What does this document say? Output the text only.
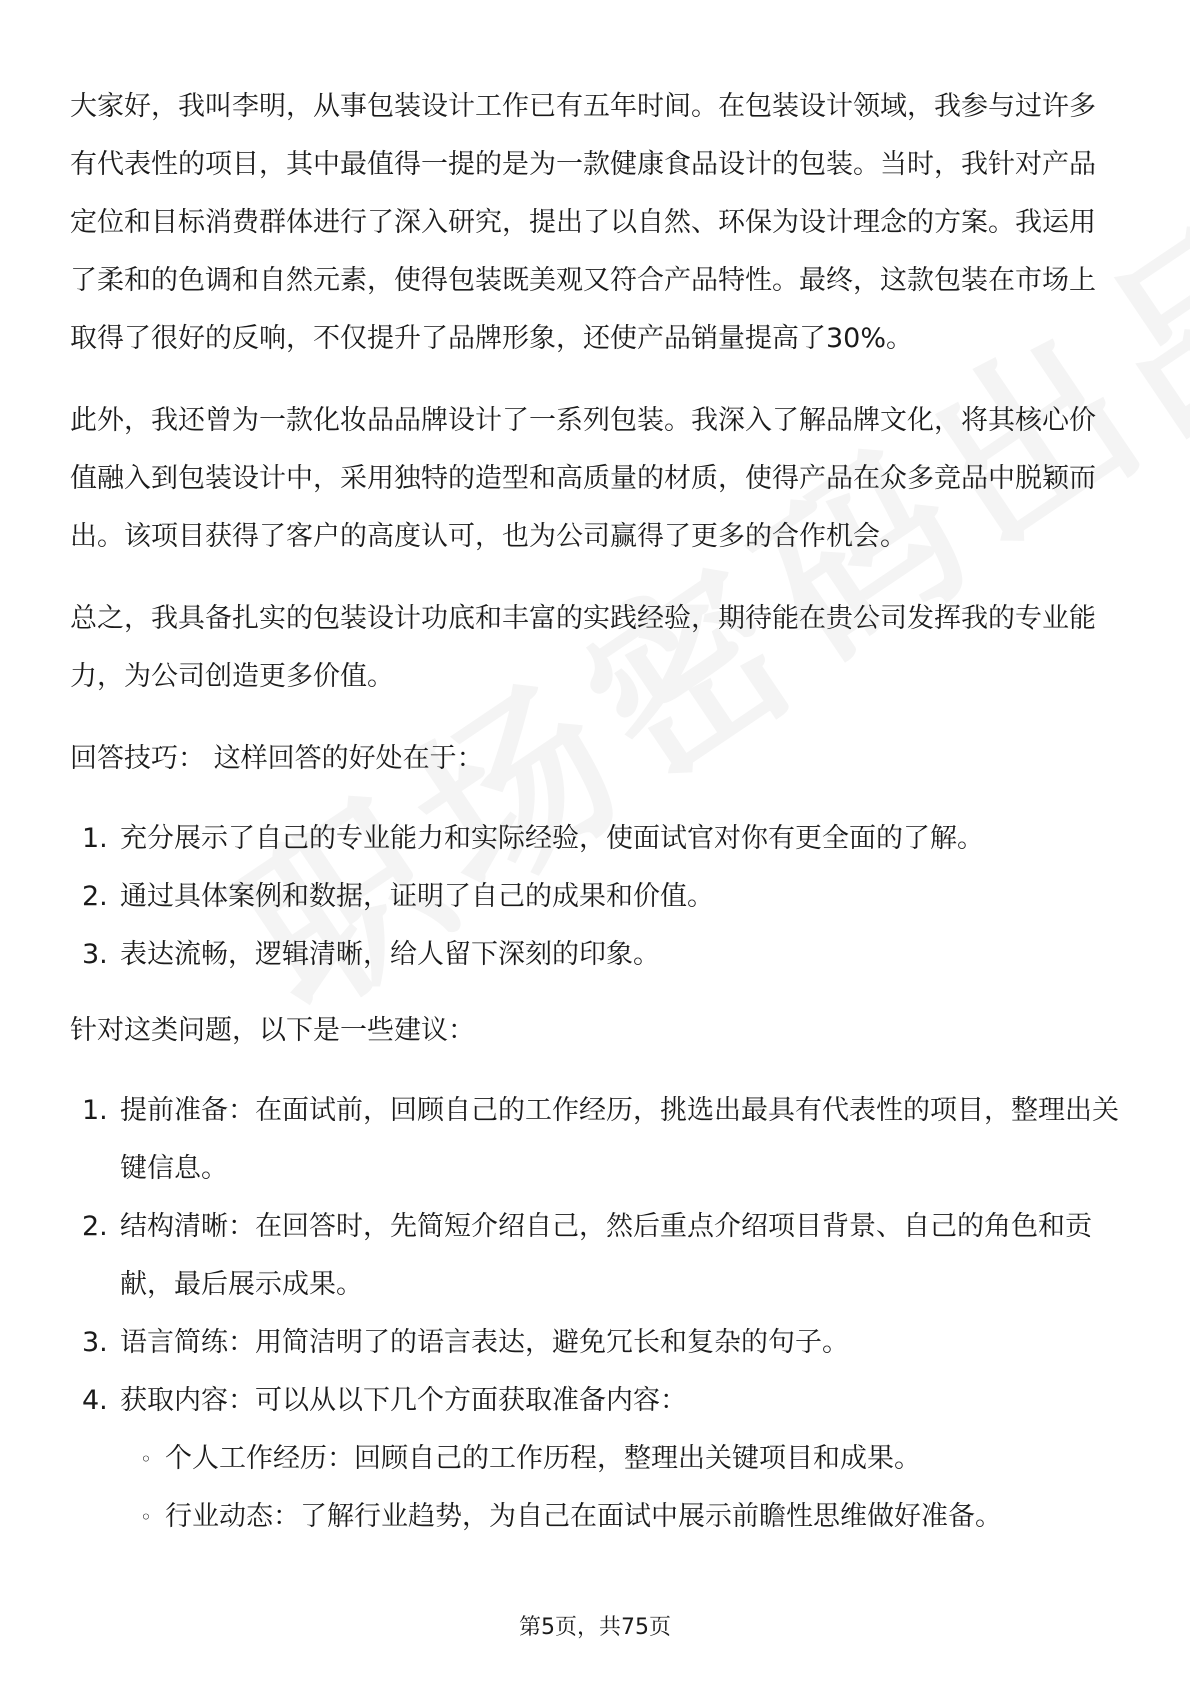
大家好，我叫李明，从事包装设计工作已有五年时间。在包装设计领域，我参与过许多有代表性的项目，其中最值得一提的是为一款健康食品设计的包装。当时，我针对产品定位和目标消费群体进行了深入研究，提出了以自然、环保为设计理念的方案。我运用了柔和的色调和自然元素，使得包装既美观又符合产品特性。最终，这款包装在市场上取得了很好的反响，不仅提升了品牌形象，还使产品销量提高了30%。

此外，我还曾为一款化妆品品牌设计了一系列包装。我深入了解品牌文化，将其核心价值融入到包装设计中，采用独特的造型和高质量的材质，使得产品在众多竞品中脱颖而出。该项目获得了客户的高度认可，也为公司赢得了更多的合作机会。

总之，我具备扎实的包装设计功底和丰富的实践经验，期待能在贵公司发挥我的专业能力，为公司创造更多价值。

回答技巧： 这样回答的好处在于：

1. 充分展示了自己的专业能力和实际经验，使面试官对你有更全面的了解。
2. 通过具体案例和数据，证明了自己的成果和价值。
3. 表达流畅，逻辑清晰，给人留下深刻的印象。

针对这类问题，以下是一些建议：

1. 提前准备：在面试前，回顾自己的工作经历，挑选出最具有代表性的项目，整理出关键信息。
2. 结构清晰：在回答时，先简短介绍自己，然后重点介绍项目背景、自己的角色和贡献，最后展示成果。
3. 语言简练：用简洁明了的语言表达，避免冗长和复杂的句子。
4. 获取内容：可以从以下几个方面获取准备内容：
◦ 个人工作经历：回顾自己的工作历程，整理出关键项目和成果。
◦ 行业动态：了解行业趋势，为自己在面试中展示前瞻性思维做好准备。
第5页，共75页
